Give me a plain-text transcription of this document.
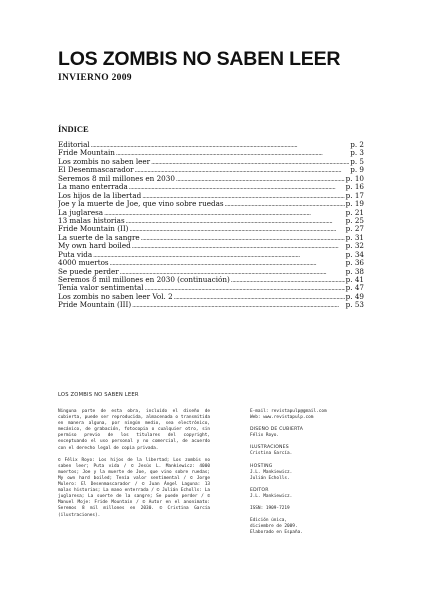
LOS ZOMBIS NO SABEN LEER
INVIERNO 2009
ÍNDICE
Editorial . . .	p. 2
Fride Mountain . . .	p. 3
Los zombis no saben leer . . .	p. 5
El Desenmascarador . . .	p. 9
Seremos 8 mil millones en 2030 . . .	p. 10
La mano enterrada . . .	p. 16
Los hijos de la libertad . . .	p. 17
Joe y la muerte de Joe, que vino sobre ruedas . . .	p. 19
La juglaresa . . .	p. 21
13 malas historias . . .	p. 25
Fride Mountain (II) . . .	p. 27
La suerte de la sangre . . .	p. 31
My own hard boiled . . .	p. 32
Puta vida . . .	p. 34
4000 muertos . . .	p. 36
Se puede perder . . .	p. 38
Seremos 8 mil millones en 2030 (continuación) . . .	p. 41
Tenía valor sentimental . . .	p. 47
Los zombis no saben leer Vol. 2 . . .	p. 49
Pride Mountain (III) . . .	p. 53
LOS ZOMBIS NO SABEN LEER

Ninguna parte de esta obra, incluido el diseño de cubierta, puede ser reproducida, almacenada o transmitida en manera alguna, por ningún medio, sea electrónico, mecánico, de grabación, fotocopia o cualquier otro, sin permiso previo de los titulares del copyright, exceptuando el uso personal y no comercial, de acuerdo con el derecho legal de copia privada.

© Félix Royo: Los hijos de la libertad; Los zombis no saben leer; Puta vida / © Jesús L. Mankiewicz: 4000 muertos; Joe y la muerte de Joe, que vino sobre ruedas; My own hard boiled; Tenía valor sentimental / © Jorge Mulero: El Desenmascarador / © Juan Ángel Laguna: 13 malas historias; La mano enterrada / © Julián Echolls: La juglaresa; La suerte de la sangre; Se puede perder / © Manuel Moje: Fride Mountain / © Autor en el anonimato: Seremos 8 mil millones en 2030. © Cristina García (ilustraciones).

E-mail: revistapulp@gmail.com
Web: www.revistapulp.com
DISEÑO DE CUBIERTA
Félix Royo.
ILUSTRACIONES
Cristina García.
HOSTING
J.L. Mankiewicz.
Julián Echolls.
EDITOR
J.L. Mankiewicz.
ISSN: 1909-7219
Edición única,
diciembre de 2009.
Elaborado en España.
